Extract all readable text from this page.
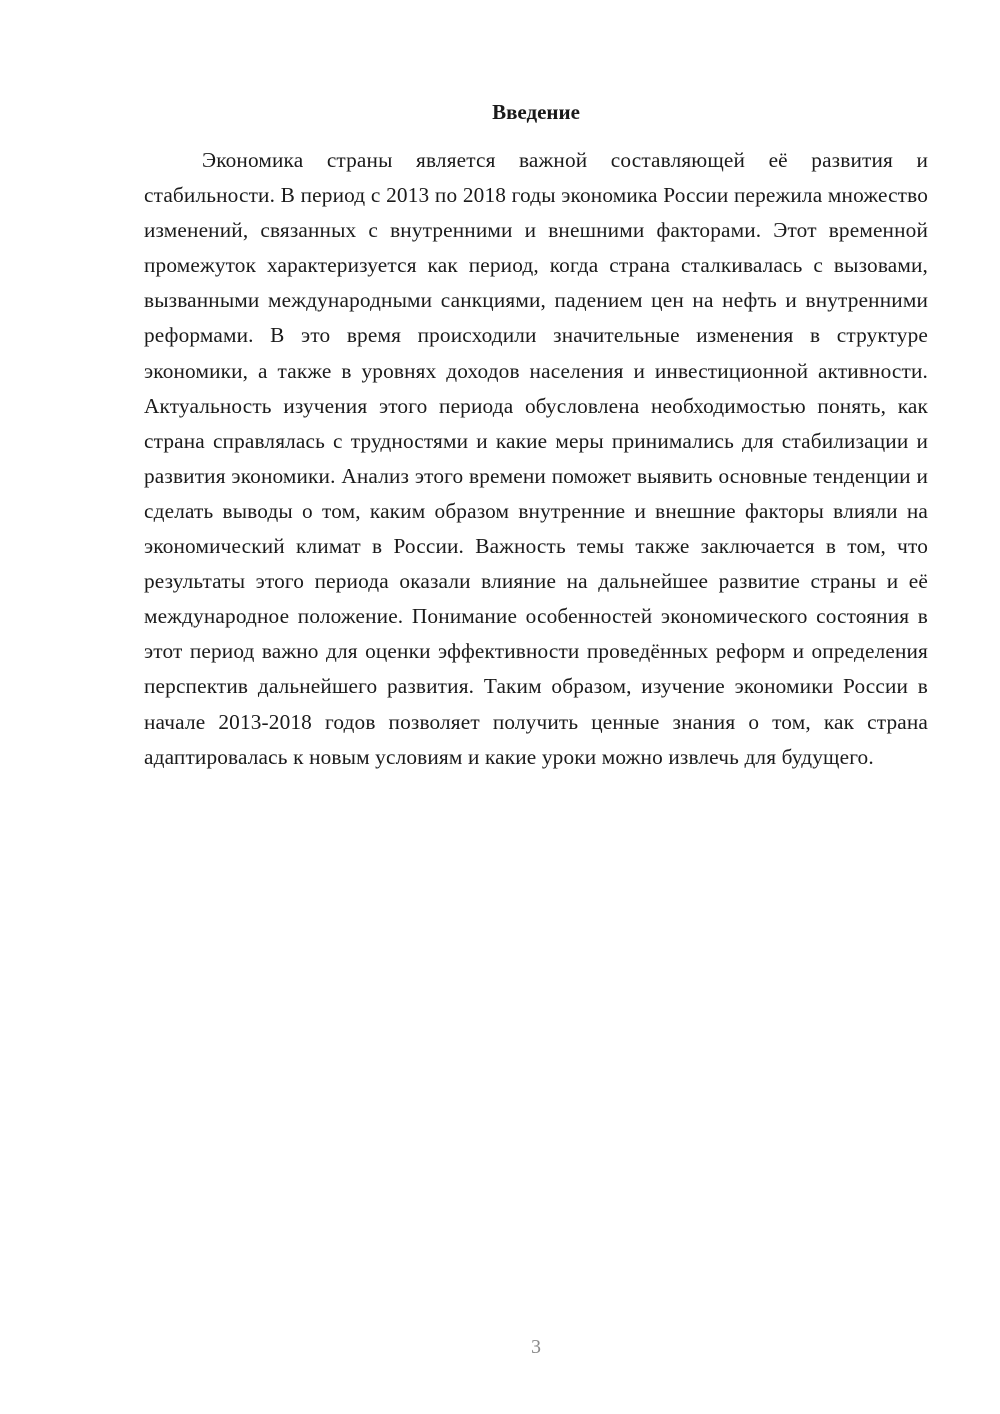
Введение

Экономика страны является важной составляющей её развития и стабильности. В период с 2013 по 2018 годы экономика России пережила множество изменений, связанных с внутренними и внешними факторами. Этот временной промежуток характеризуется как период, когда страна сталкивалась с вызовами, вызванными международными санкциями, падением цен на нефть и внутренними реформами. В это время происходили значительные изменения в структуре экономики, а также в уровнях доходов населения и инвестиционной активности. Актуальность изучения этого периода обусловлена необходимостью понять, как страна справлялась с трудностями и какие меры принимались для стабилизации и развития экономики. Анализ этого времени поможет выявить основные тенденции и сделать выводы о том, каким образом внутренние и внешние факторы влияли на экономический климат в России. Важность темы также заключается в том, что результаты этого периода оказали влияние на дальнейшее развитие страны и её международное положение. Понимание особенностей экономического состояния в этот период важно для оценки эффективности проведённых реформ и определения перспектив дальнейшего развития. Таким образом, изучение экономики России в начале 2013-2018 годов позволяет получить ценные знания о том, как страна адаптировалась к новым условиям и какие уроки можно извлечь для будущего.

3
